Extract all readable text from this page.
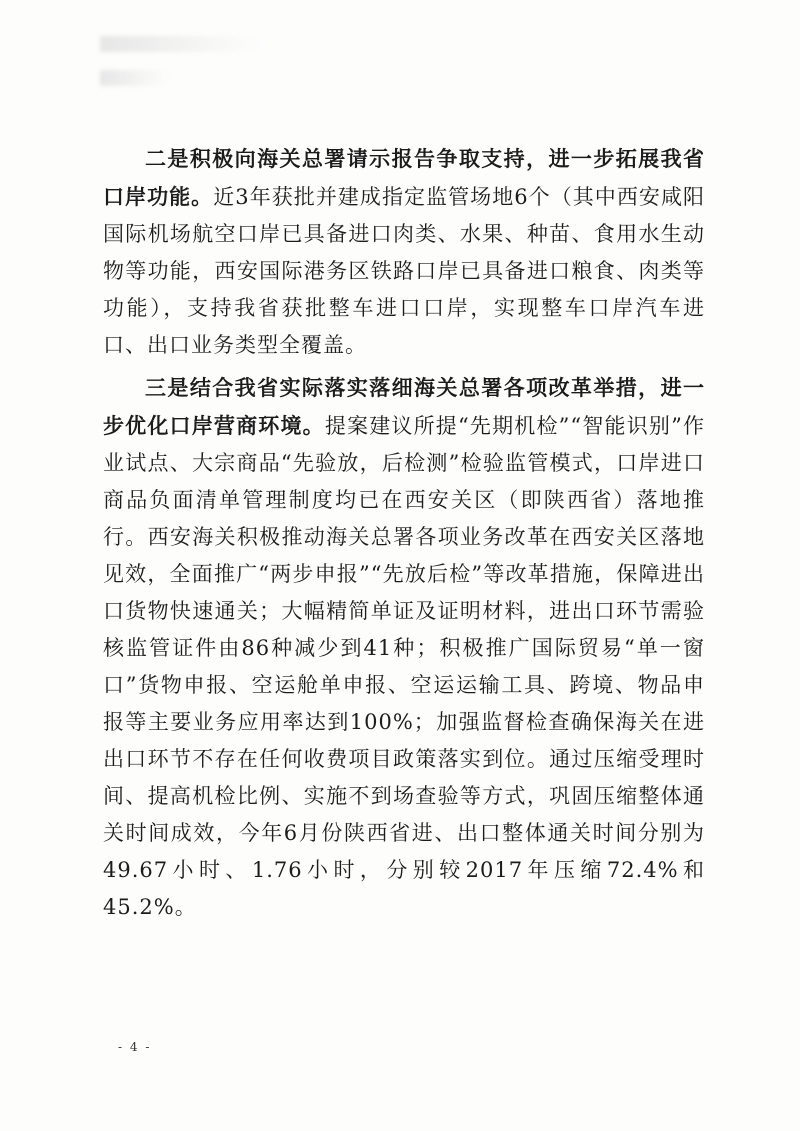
二是积极向海关总署请示报告争取支持，进一步拓展我省口岸功能。近3年获批并建成指定监管场地6个（其中西安咸阳国际机场航空口岸已具备进口肉类、水果、种苗、食用水生动物等功能，西安国际港务区铁路口岸已具备进口粮食、肉类等功能），支持我省获批整车进口口岸，实现整车口岸汽车进口、出口业务类型全覆盖。

三是结合我省实际落实落细海关总署各项改革举措，进一步优化口岸营商环境。提案建议所提“先期机检”“智能识别”作业试点、大宗商品“先验放，后检测”检验监管模式，口岸进口商品负面清单管理制度均已在西安关区（即陕西省）落地推行。西安海关积极推动海关总署各项业务改革在西安关区落地见效，全面推广“两步申报”“先放后检”等改革措施，保障进出口货物快速通关；大幅精简单证及证明材料，进出口环节需验核监管证件由86种减少到41种；积极推广国际贸易“单一窗口”货物申报、空运舱单申报、空运运输工具、跨境、物品申报等主要业务应用率达到100%；加强监督检查确保海关在进出口环节不存在任何收费项目政策落实到位。通过压缩受理时间、提高机检比例、实施不到场查验等方式，巩固压缩整体通关时间成效，今年6月份陕西省进、出口整体通关时间分别为49.67小时、1.76小时，分别较2017年压缩72.4%和45.2%。

- 4 -
